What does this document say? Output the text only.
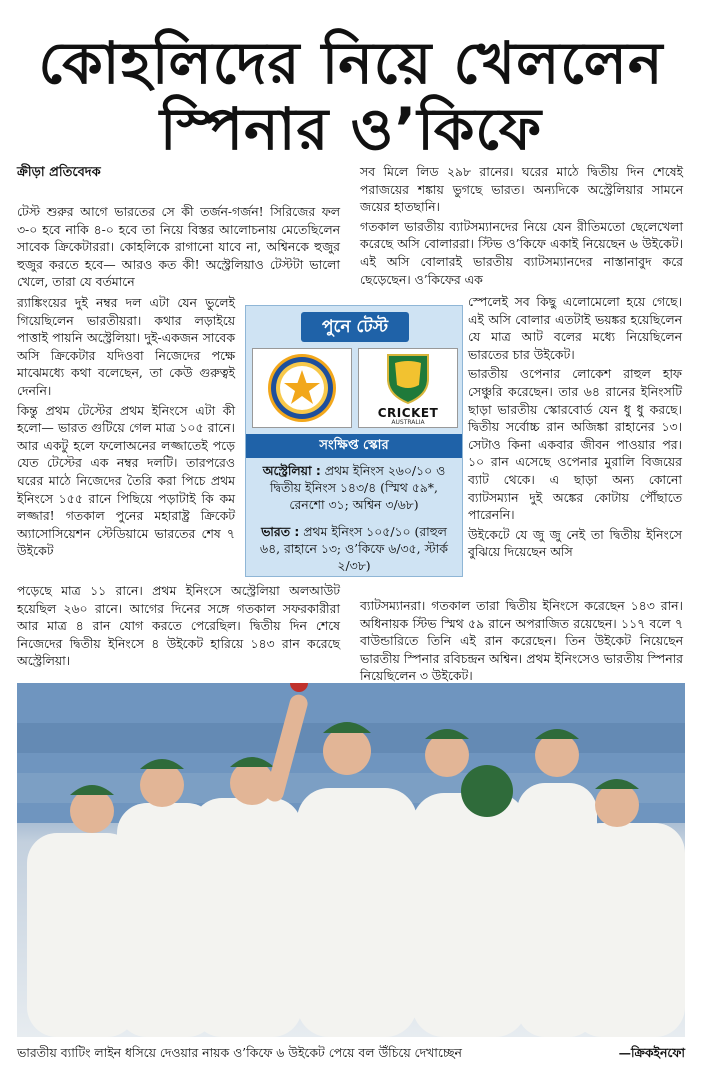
কোহলিদের নিয়ে খেললেন
স্পিনার ও’কিফে
ক্রীড়া প্রতিবেদক

টেস্ট শুরুর আগে ভারতের সে কী তর্জন-গর্জন! সিরিজের ফল ৩-০ হবে নাকি ৪-০ হবে তা নিয়ে বিস্তর আলোচনায় মেতেছিলেন সাবেক ক্রিকেটাররা। কোহলিকে রাগানো যাবে না, অশ্বিনকে হুজুর হুজুর করতে হবে— আরও কত কী! অস্ট্রেলিয়াও টেস্টটা ভালো খেলে, তারা যে বর্তমানে

র‍্যাঙ্কিংয়ের দুই নম্বর দল এটা যেন ভুলেই গিয়েছিলেন ভারতীয়রা। কথার লড়াইয়ে পাত্তাই পায়নি অস্ট্রেলিয়া। দুই-একজন সাবেক অসি ক্রিকেটার যদিওবা নিজেদের পক্ষে মাঝেমধ্যে কথা বলেছেন, তা কেউ গুরুত্বই দেননি।

কিন্তু প্রথম টেস্টের প্রথম ইনিংসে এটা কী হলো— ভারত গুটিয়ে গেল মাত্র ১০৫ রানে। আর একটু হলে ফলোঅনের লজ্জাতেই পড়ে যেত টেস্টের এক নম্বর দলটি। তারপরেও ঘরের মাঠে নিজেদের তৈরি করা পিচে প্রথম ইনিংসে ১৫৫ রানে পিছিয়ে পড়াটাই কি কম লজ্জার! গতকাল পুনের মহারাষ্ট্র ক্রিকেট অ্যাসোসিয়েশন স্টেডিয়ামে ভারতের শেষ ৭ উইকেট

পড়েছে মাত্র ১১ রানে। প্রথম ইনিংসে অস্ট্রেলিয়া অলআউট হয়েছিল ২৬০ রানে। আগের দিনের সঙ্গে গতকাল সফরকারীরা আর মাত্র ৪ রান যোগ করতে পেরেছিল। দ্বিতীয় দিন শেষে নিজেদের দ্বিতীয় ইনিংসে ৪ উইকেট হারিয়ে ১৪৩ রান করেছে অস্ট্রেলিয়া।

সব মিলে লিড ২৯৮ রানের। ঘরের মাঠে দ্বিতীয় দিন শেষেই পরাজয়ের শঙ্কায় ভুগছে ভারত। অন্যদিকে অস্ট্রেলিয়ার সামনে জয়ের হাতছানি।

গতকাল ভারতীয় ব্যাটসম্যানদের নিয়ে যেন রীতিমতো ছেলেখেলা করেছে অসি বোলাররা। স্টিভ ও’কিফে একাই নিয়েছেন ৬ উইকেট। এই অসি বোলারই ভারতীয় ব্যাটসম্যানদের নাস্তানাবুদ করে ছেড়েছেন। ও’কিফের এক

স্পেলেই সব কিছু এলোমেলো হয়ে গেছে। এই অসি বোলার এতটাই ভয়ঙ্কর হয়েছিলেন যে মাত্র আট বলের মধ্যে নিয়েছিলেন ভারতের চার উইকেট।

ভারতীয় ওপেনার লোকেশ রাহুল হাফ সেঞ্চুরি করেছেন। তার ৬৪ রানের ইনিংসটি ছাড়া ভারতীয় স্কোরবোর্ড যেন ধু ধু করছে। দ্বিতীয় সর্বোচ্চ রান অজিঙ্কা রাহানের ১৩। সেটাও কিনা একবার জীবন পাওয়ার পর। ১০ রান এসেছে ওপেনার মুরালি বিজয়ের ব্যাট থেকে। এ ছাড়া অন্য কোনো ব্যাটসম্যান দুই অঙ্কের কোটায় পৌঁছাতে পারেননি।

উইকেটে যে জু জু নেই তা দ্বিতীয় ইনিংসে বুঝিয়ে দিয়েছেন অসি

ব্যাটসম্যানরা। গতকাল তারা দ্বিতীয় ইনিংসে করেছেন ১৪৩ রান। অধিনায়ক স্টিভ স্মিথ ৫৯ রানে অপরাজিত রয়েছেন। ১১৭ বলে ৭ বাউন্ডারিতে তিনি এই রান করেছেন। তিন উইকেট নিয়েছেন ভারতীয় স্পিনার রবিচন্দ্রন অশ্বিন। প্রথম ইনিংসেও ভারতীয় স্পিনার নিয়েছিলেন ৩ উইকেট।

পুনে টেস্ট
CRICKET
AUSTRALIA
সংক্ষিপ্ত স্কোর
অস্ট্রেলিয়া : প্রথম ইনিংস ২৬০/১০ ও দ্বিতীয় ইনিংস ১৪৩/৪ (স্মিথ ৫৯*, রেনশো ৩১; অশ্বিন ৩/৬৮)
ভারত : প্রথম ইনিংস ১০৫/১০ (রাহুল ৬৪, রাহানে ১৩; ও’কিফে ৬/৩৫, স্টার্ক ২/৩৮)
ভারতীয় ব্যাটিং লাইন ধসিয়ে দেওয়ার নায়ক ও’কিফে ৬ উইকেট পেয়ে বল উঁচিয়ে দেখাচ্ছেন	—ক্রিকইনফো
